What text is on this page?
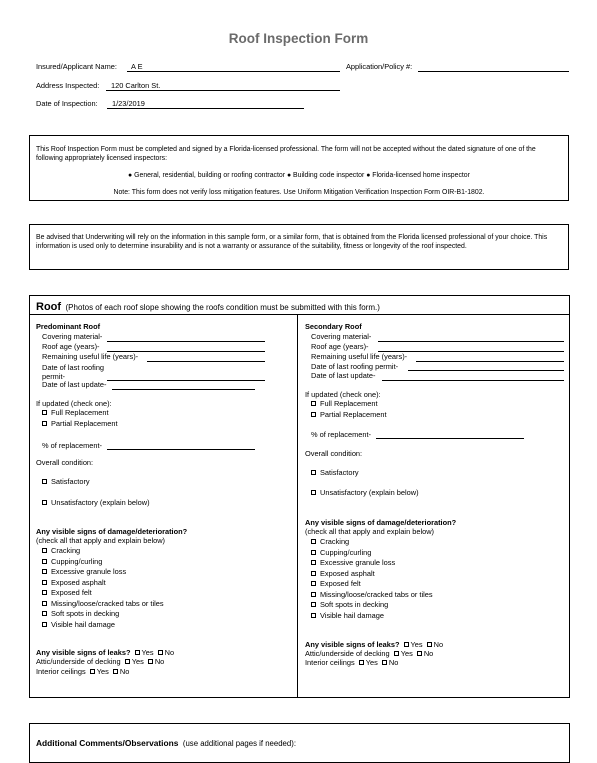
Roof Inspection Form
Insured/Applicant Name: A E	Application/Policy #:
Address Inspected: 120 Carlton St.
Date of Inspection: 1/23/2019
This Roof Inspection Form must be completed and signed by a Florida-licensed professional. The form will not be accepted without the dated signature of one of the following appropriately licensed inspectors:
● General, residential, building or roofing contractor ● Building code inspector ● Florida-licensed home inspector
Note: This form does not verify loss mitigation features. Use Uniform Mitigation Verification Inspection Form OIR-B1-1802.
Be advised that Underwriting will rely on the information in this sample form, or a similar form, that is obtained from the Florida licensed professional of your choice. This information is used only to determine insurability and is not a warranty or assurance of the suitability, fitness or longevity of the roof inspected.
Roof (Photos of each roof slope showing the roofs condition must be submitted with this form.)
Predominant Roof
Covering material-
Roof age (years)-
Remaining useful life (years)-
Date of last roofing
permit-
Date of last update-
If updated (check one):
Full Replacement
Partial Replacement
% of replacement-
Overall condition:
Satisfactory
Unsatisfactory (explain below)
Any visible signs of damage/deterioration?
(check all that apply and explain below)
Cracking
Cupping/curling
Excessive granule loss
Exposed asphalt
Exposed felt
Missing/loose/cracked tabs or tiles
Soft spots in decking
Visible hail damage
Any visible signs of leaks? Yes No
Attic/underside of decking Yes No
Interior ceilings Yes No
Secondary Roof
Covering material-
Roof age (years)-
Remaining useful life (years)-
Date of last roofing permit-
Date of last update-
If updated (check one):
Full Replacement
Partial Replacement
% of replacement-
Overall condition:
Satisfactory
Unsatisfactory (explain below)
Any visible signs of damage/deterioration?
(check all that apply and explain below)
Cracking
Cupping/curling
Excessive granule loss
Exposed asphalt
Exposed felt
Missing/loose/cracked tabs or tiles
Soft spots in decking
Visible hail damage
Any visible signs of leaks? Yes No
Attic/underside of decking Yes No
Interior ceilings Yes No
Additional Comments/Observations (use additional pages if needed):
